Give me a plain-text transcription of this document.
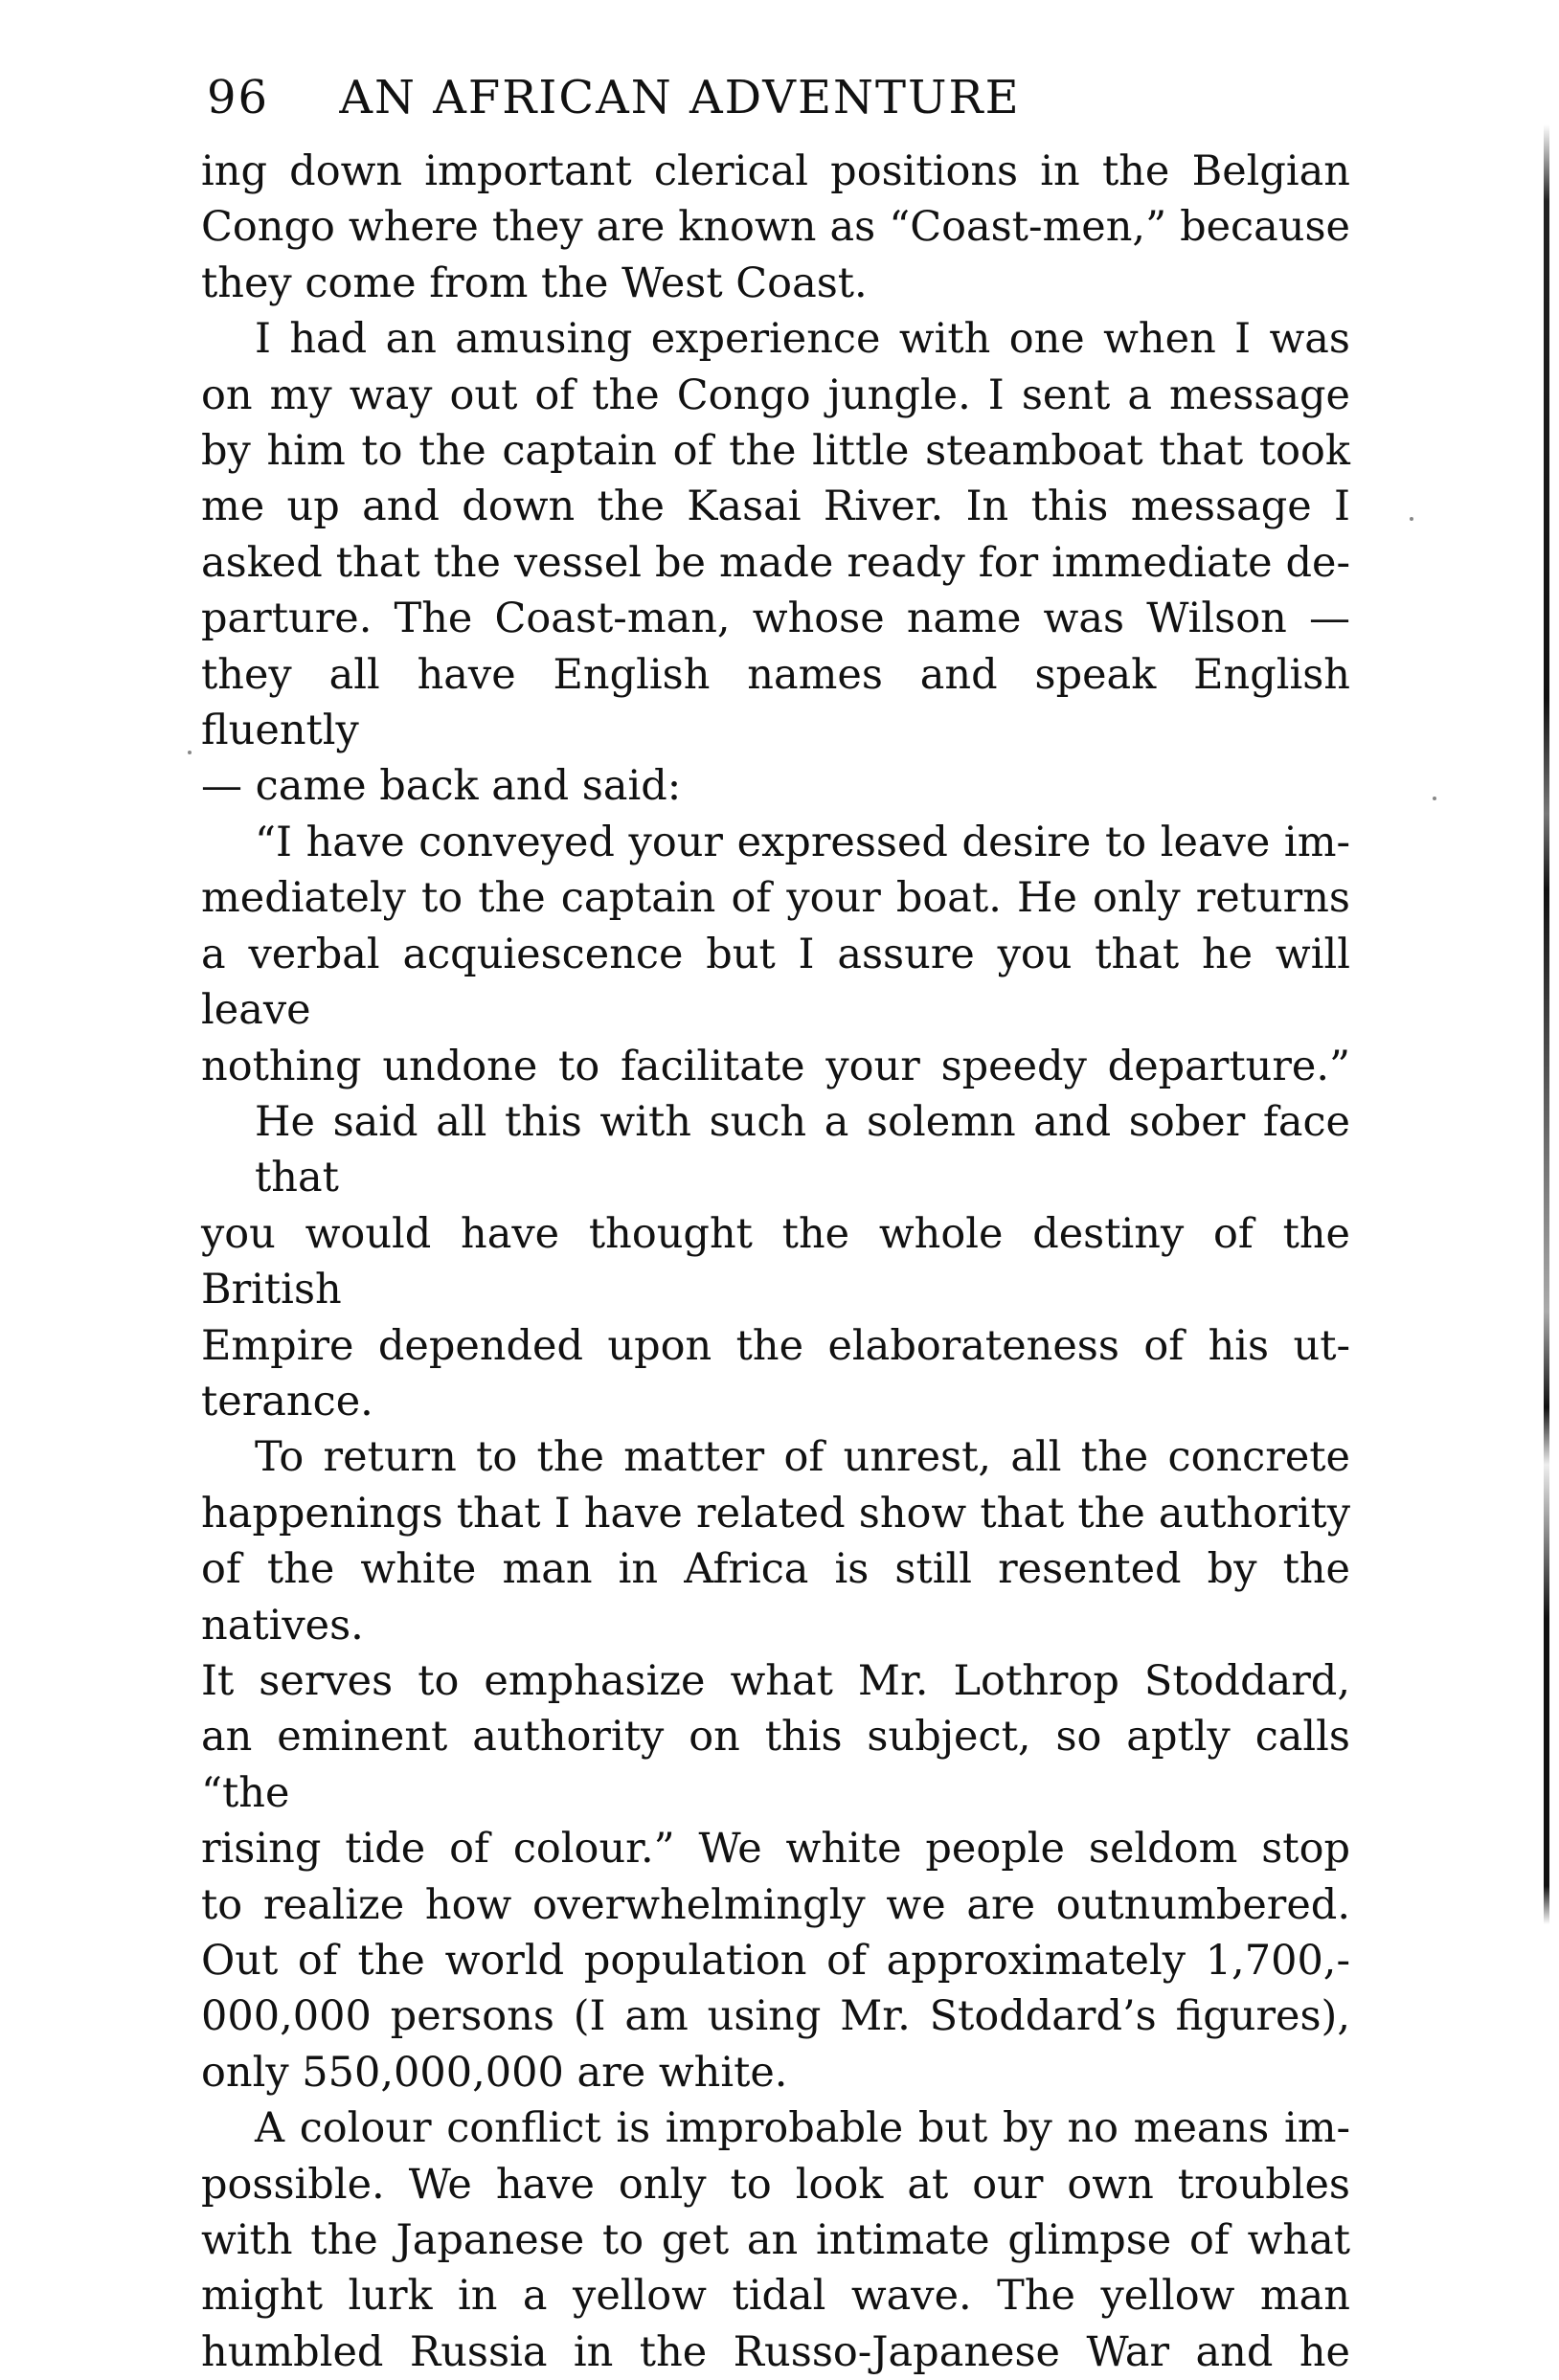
96 AN AFRICAN ADVENTURE

ing down important clerical positions in the Belgian
Congo where they are known as “Coast-men,” because
they come from the West Coast.

I had an amusing experience with one when I was
on my way out of the Congo jungle. I sent a message
by him to the captain of the little steamboat that took
me up and down the Kasai River. In this message I
asked that the vessel be made ready for immediate de-
parture. The Coast-man, whose name was Wilson —
they all have English names and speak English fluently
— came back and said:

“I have conveyed your expressed desire to leave im-
mediately to the captain of your boat. He only returns
a verbal acquiescence but I assure you that he will leave
nothing undone to facilitate your speedy departure.”

He said all this with such a solemn and sober face that
you would have thought the whole destiny of the British
Empire depended upon the elaborateness of his ut-
terance.

To return to the matter of unrest, all the concrete
happenings that I have related show that the authority
of the white man in Africa is still resented by the natives.
It serves to emphasize what Mr. Lothrop Stoddard,
an eminent authority on this subject, so aptly calls “the
rising tide of colour.” We white people seldom stop
to realize how overwhelmingly we are outnumbered.
Out of the world population of approximately 1,700,-
000,000 persons (I am using Mr. Stoddard’s figures),
only 550,000,000 are white.

A colour conflict is improbable but by no means im-
possible. We have only to look at our own troubles
with the Japanese to get an intimate glimpse of what
might lurk in a yellow tidal wave. The yellow man
humbled Russia in the Russo-Japanese War and he
